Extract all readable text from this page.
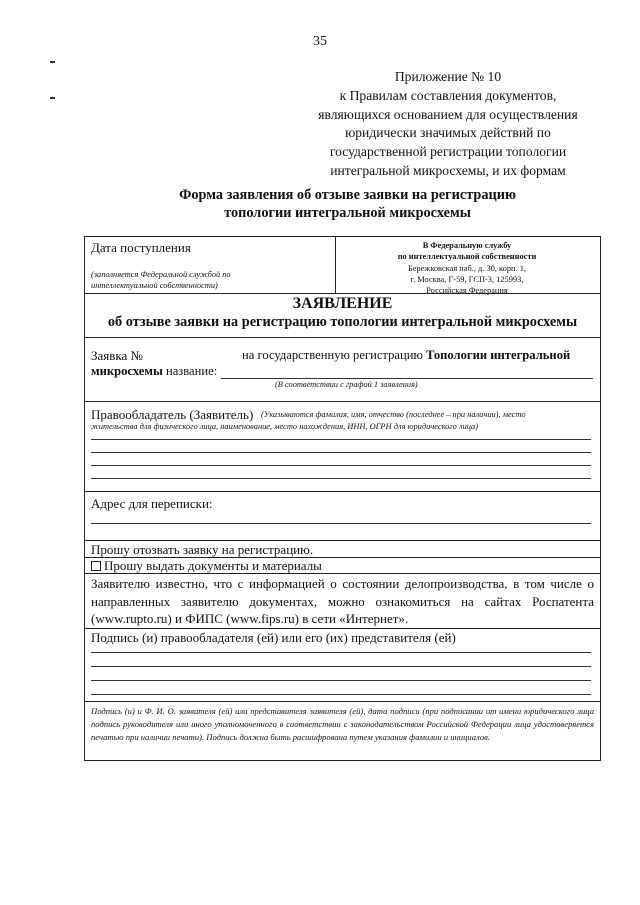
35
Приложение № 10
к Правилам составления документов,
являющихся основанием для осуществления
юридически значимых действий по
государственной регистрации топологии
интегральной микросхемы, и их формам
Форма заявления об отзыве заявки на регистрацию
топологии интегральной микросхемы
Дата поступления
(заполняется Федеральной службой по
интеллектуальной собственности)
В Федеральную службу
по интеллектуальной собственности
Бережковская наб., д. 30, корп. 1,
г. Москва, Г-59, ГСП-3, 125993,
Российская Федерация
ЗАЯВЛЕНИЕ
об отзыве заявки на регистрацию топологии интегральной микросхемы
Заявка №	на государственную регистрацию Топологии интегральной
микросхемы название:
(В соответствии с графой 1 заявления)
Правообладатель (Заявитель) (Указываются фамилия, имя, отчество (последнее – при наличии), место
жительства для физического лица, наименование, место нахождения, ИНН, ОГРН для юридического лица)
Адрес для переписки:
Прошу отозвать заявку на регистрацию.
Прошу выдать документы и материалы
Заявителю известно, что с информацией о состоянии делопроизводства, в том числе о направленных заявителю документах, можно ознакомиться на сайтах Роспатента (www.rupto.ru) и ФИПС (www.fips.ru) в сети «Интернет».
Подпись (и) правообладателя (ей) или его (их) представителя (ей)
Подпись (и) и Ф. И. О. заявителя (ей) или представителя заявителя (ей), дата подписи (при подписании от имени юридического лица подпись руководителя или иного уполномоченного в соответствии с законодательством Российской Федерации лица удостоверяется печатью при наличии печати). Подпись должна быть расшифрована путем указания фамилии и инициалов.
